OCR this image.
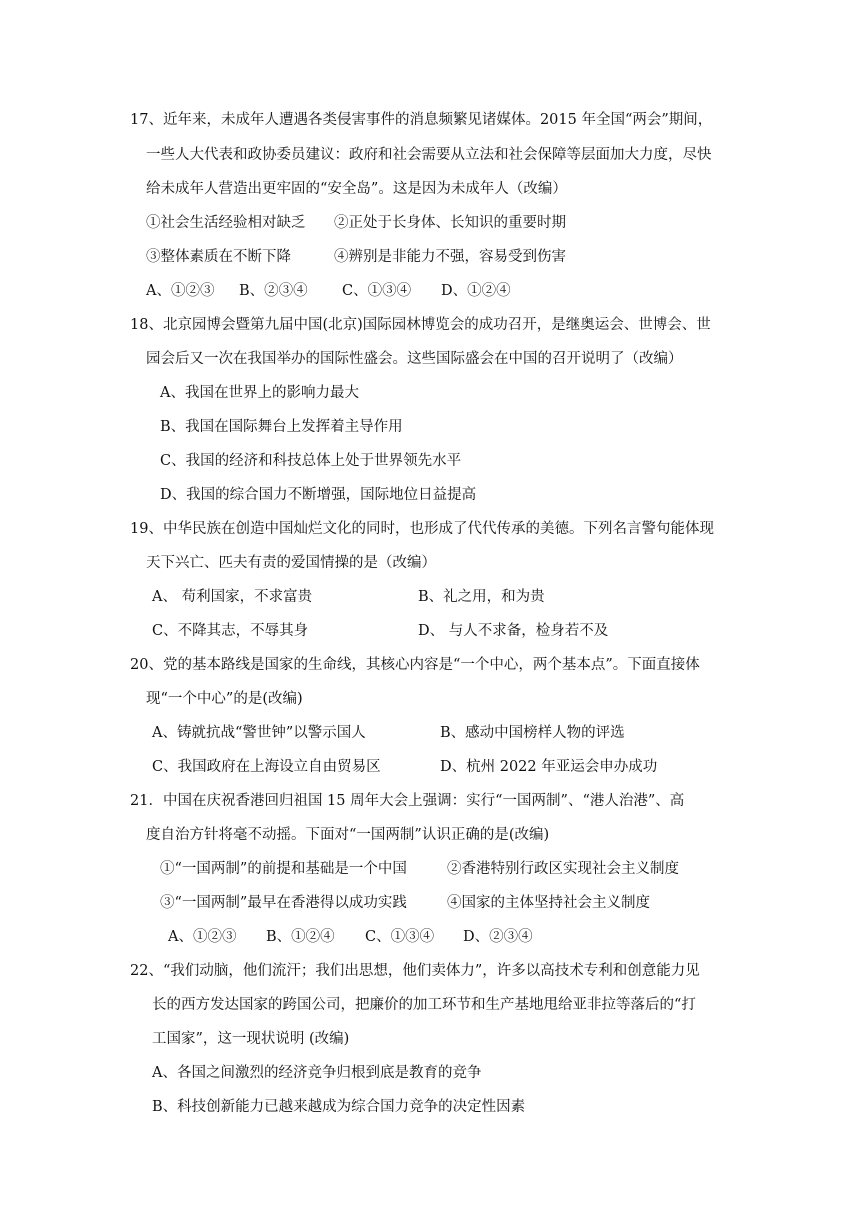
17、近年来，未成年人遭遇各类侵害事件的消息频繁见诸媒体。2015 年全国“两会”期间，
一些人大代表和政协委员建议：政府和社会需要从立法和社会保障等层面加大力度，尽快
给未成年人营造出更牢固的“安全岛”。这是因为未成年人（改编）
①社会生活经验相对缺乏 ②正处于长身体、长知识的重要时期
③整体素质在不断下降	④辨别是非能力不强，容易受到伤害
A、①②③ B、②③④ C、①③④ D、①②④
18、北京园博会暨第九届中国(北京)国际园林博览会的成功召开，是继奥运会、世博会、世
园会后又一次在我国举办的国际性盛会。这些国际盛会在中国的召开说明了（改编）
A、我国在世界上的影响力最大
B、我国在国际舞台上发挥着主导作用
C、我国的经济和科技总体上处于世界领先水平
D、我国的综合国力不断增强，国际地位日益提高
19、中华民族在创造中国灿烂文化的同时，也形成了代代传承的美德。下列名言警句能体现
天下兴亡、匹夫有责的爱国情操的是（改编）
A、 苟利国家，不求富贵	B、礼之用，和为贵
C、不降其志，不辱其身	D、 与人不求备，检身若不及
20、党的基本路线是国家的生命线，其核心内容是“一个中心，两个基本点”。下面直接体
现“一个中心”的是(改编)
A、铸就抗战“警世钟”以警示国人	B、感动中国榜样人物的评选
C、我国政府在上海设立自由贸易区	D、杭州 2022 年亚运会申办成功
21．中国在庆祝香港回归祖国 15 周年大会上强调：实行“一国两制”、“港人治港”、高
度自治方针将毫不动摇。下面对“一国两制”认识正确的是(改编)
①“一国两制”的前提和基础是一个中国	②香港特别行政区实现社会主义制度
③“一国两制”最早在香港得以成功实践	④国家的主体坚持社会主义制度
A、①②③ B、①②④ C、①③④ D、②③④
22、“我们动脑，他们流汗；我们出思想，他们卖体力”，许多以高技术专利和创意能力见
长的西方发达国家的跨国公司，把廉价的加工环节和生产基地甩给亚非拉等落后的“打
工国家”，这一现状说明 (改编)
A、各国之间激烈的经济竞争归根到底是教育的竞争
B、科技创新能力已越来越成为综合国力竞争的决定性因素
